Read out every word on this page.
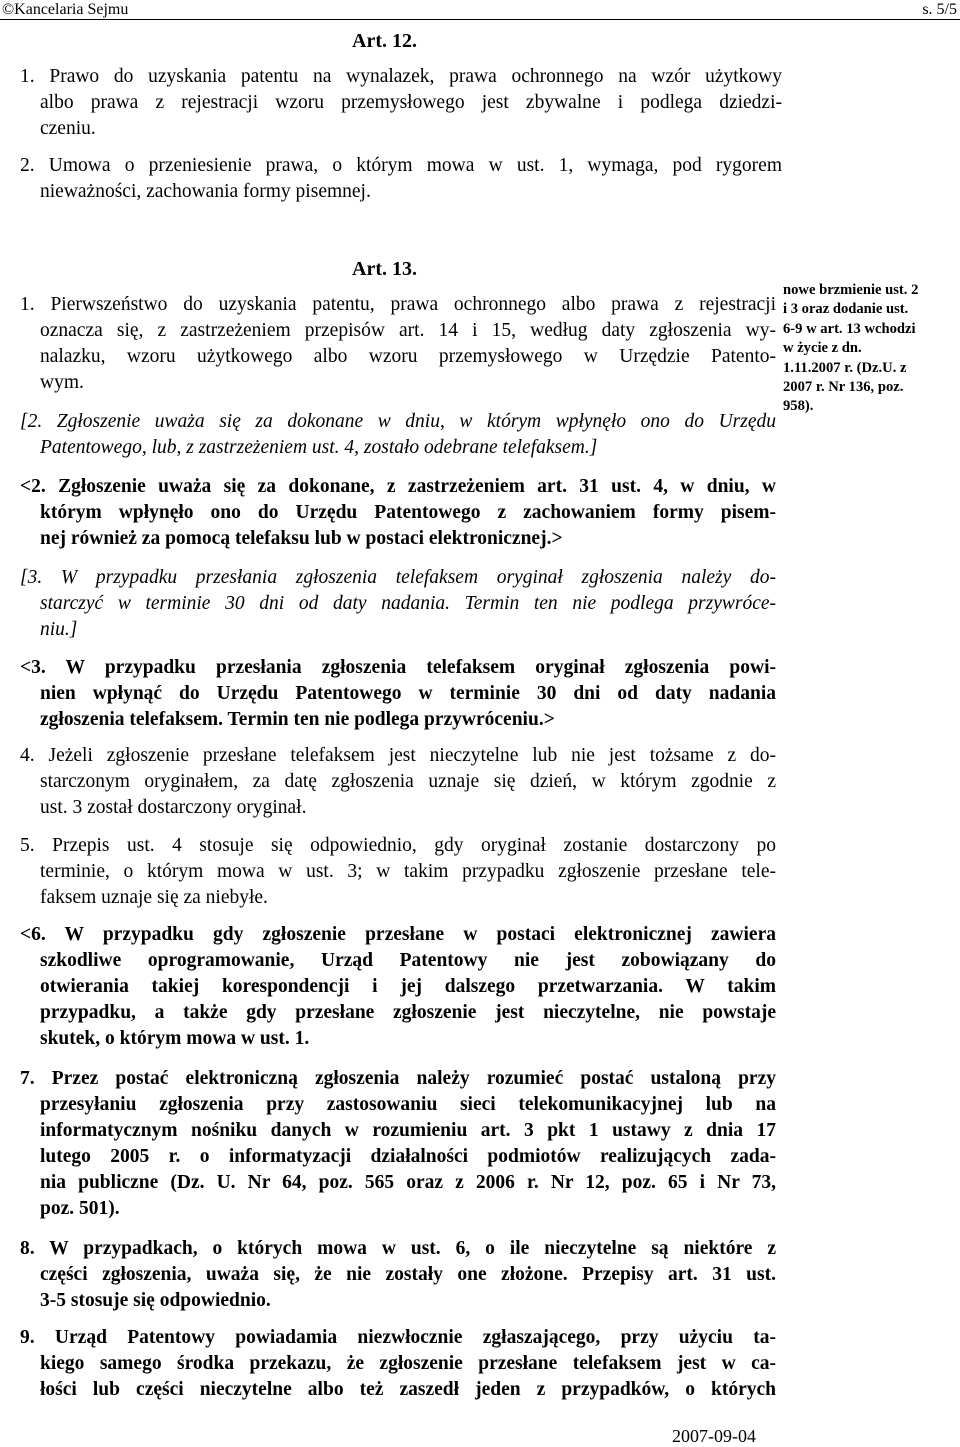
©Kancelaria Sejmu	s. 5/5
Art. 12.
1. Prawo do uzyskania patentu na wynalazek, prawa ochronnego na wzór użytkowy
albo prawa z rejestracji wzoru przemysłowego jest zbywalne i podlega dziedzi-
czeniu.
2. Umowa o przeniesienie prawa, o którym mowa w ust. 1, wymaga, pod rygorem
nieważności, zachowania formy pisemnej.
Art. 13.
1. Pierwszeństwo do uzyskania patentu, prawa ochronnego albo prawa z rejestracji
oznacza się, z zastrzeżeniem przepisów art. 14 i 15, według daty zgłoszenia wy-
nalazku, wzoru użytkowego albo wzoru przemysłowego w Urzędzie Patento-
wym.
[2. Zgłoszenie uważa się za dokonane w dniu, w którym wpłynęło ono do Urzędu
Patentowego, lub, z zastrzeżeniem ust. 4, zostało odebrane telefaksem.]
<2. Zgłoszenie uważa się za dokonane, z zastrzeżeniem art. 31 ust. 4, w dniu, w
którym wpłynęło ono do Urzędu Patentowego z zachowaniem formy pisem-
nej również za pomocą telefaksu lub w postaci elektronicznej.>
[3. W przypadku przesłania zgłoszenia telefaksem oryginał zgłoszenia należy do-
starczyć w terminie 30 dni od daty nadania. Termin ten nie podlega przywróce-
niu.]
<3. W przypadku przesłania zgłoszenia telefaksem oryginał zgłoszenia powi-
nien wpłynąć do Urzędu Patentowego w terminie 30 dni od daty nadania
zgłoszenia telefaksem. Termin ten nie podlega przywróceniu.>
4. Jeżeli zgłoszenie przesłane telefaksem jest nieczytelne lub nie jest tożsame z do-
starczonym oryginałem, za datę zgłoszenia uznaje się dzień, w którym zgodnie z
ust. 3 został dostarczony oryginał.
5. Przepis ust. 4 stosuje się odpowiednio, gdy oryginał zostanie dostarczony po
terminie, o którym mowa w ust. 3; w takim przypadku zgłoszenie przesłane tele-
faksem uznaje się za niebyłe.
<6. W przypadku gdy zgłoszenie przesłane w postaci elektronicznej zawiera
szkodliwe oprogramowanie, Urząd Patentowy nie jest zobowiązany do
otwierania takiej korespondencji i jej dalszego przetwarzania. W takim
przypadku, a także gdy przesłane zgłoszenie jest nieczytelne, nie powstaje
skutek, o którym mowa w ust. 1.
7. Przez postać elektroniczną zgłoszenia należy rozumieć postać ustaloną przy
przesyłaniu zgłoszenia przy zastosowaniu sieci telekomunikacyjnej lub na
informatycznym nośniku danych w rozumieniu art. 3 pkt 1 ustawy z dnia 17
lutego 2005 r. o informatyzacji działalności podmiotów realizujących zada-
nia publiczne (Dz. U. Nr 64, poz. 565 oraz z 2006 r. Nr 12, poz. 65 i Nr 73,
poz. 501).
8. W przypadkach, o których mowa w ust. 6, o ile nieczytelne są niektóre z
części zgłoszenia, uważa się, że nie zostały one złożone. Przepisy art. 31 ust.
3-5 stosuje się odpowiednio.
9. Urząd Patentowy powiadamia niezwłocznie zgłaszającego, przy użyciu ta-
kiego samego środka przekazu, że zgłoszenie przesłane telefaksem jest w ca-
łości lub części nieczytelne albo też zaszedł jeden z przypadków, o których
nowe brzmienie ust. 2
i 3 oraz dodanie ust.
6-9 w art. 13 wchodzi
w życie z dn.
1.11.2007 r. (Dz.U. z
2007 r. Nr 136, poz.
958).
2007-09-04
